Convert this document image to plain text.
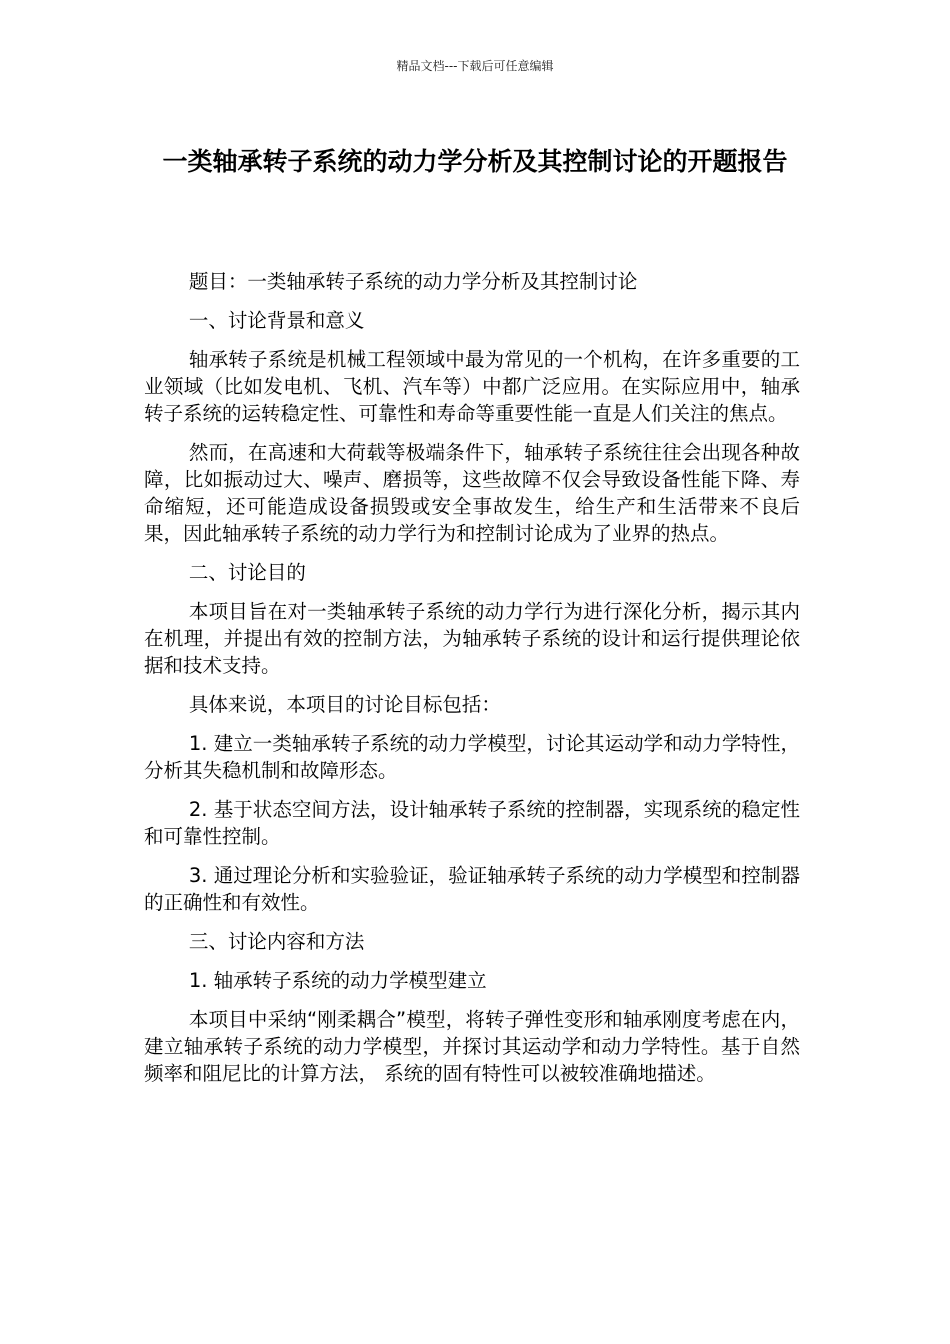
精品文档---下载后可任意编辑
一类轴承转子系统的动力学分析及其控制讨论的开题报告

题目：一类轴承转子系统的动力学分析及其控制讨论

一、讨论背景和意义

轴承转子系统是机械工程领域中最为常见的一个机构，在许多重要的工业领域（比如发电机、飞机、汽车等）中都广泛应用。在实际应用中，轴承转子系统的运转稳定性、可靠性和寿命等重要性能一直是人们关注的焦点。

然而，在高速和大荷载等极端条件下，轴承转子系统往往会出现各种故障，比如振动过大、噪声、磨损等，这些故障不仅会导致设备性能下降、寿命缩短，还可能造成设备损毁或安全事故发生，给生产和生活带来不良后果，因此轴承转子系统的动力学行为和控制讨论成为了业界的热点。

二、讨论目的

本项目旨在对一类轴承转子系统的动力学行为进行深化分析，揭示其内在机理，并提出有效的控制方法，为轴承转子系统的设计和运行提供理论依据和技术支持。

具体来说，本项目的讨论目标包括：

1. 建立一类轴承转子系统的动力学模型，讨论其运动学和动力学特性，分析其失稳机制和故障形态。

2. 基于状态空间方法，设计轴承转子系统的控制器，实现系统的稳定性和可靠性控制。

3. 通过理论分析和实验验证，验证轴承转子系统的动力学模型和控制器的正确性和有效性。

三、讨论内容和方法

1. 轴承转子系统的动力学模型建立

本项目中采纳“刚柔耦合”模型，将转子弹性变形和轴承刚度考虑在内，建立轴承转子系统的动力学模型，并探讨其运动学和动力学特性。基于自然频率和阻尼比的计算方法， 系统的固有特性可以被较准确地描述。
